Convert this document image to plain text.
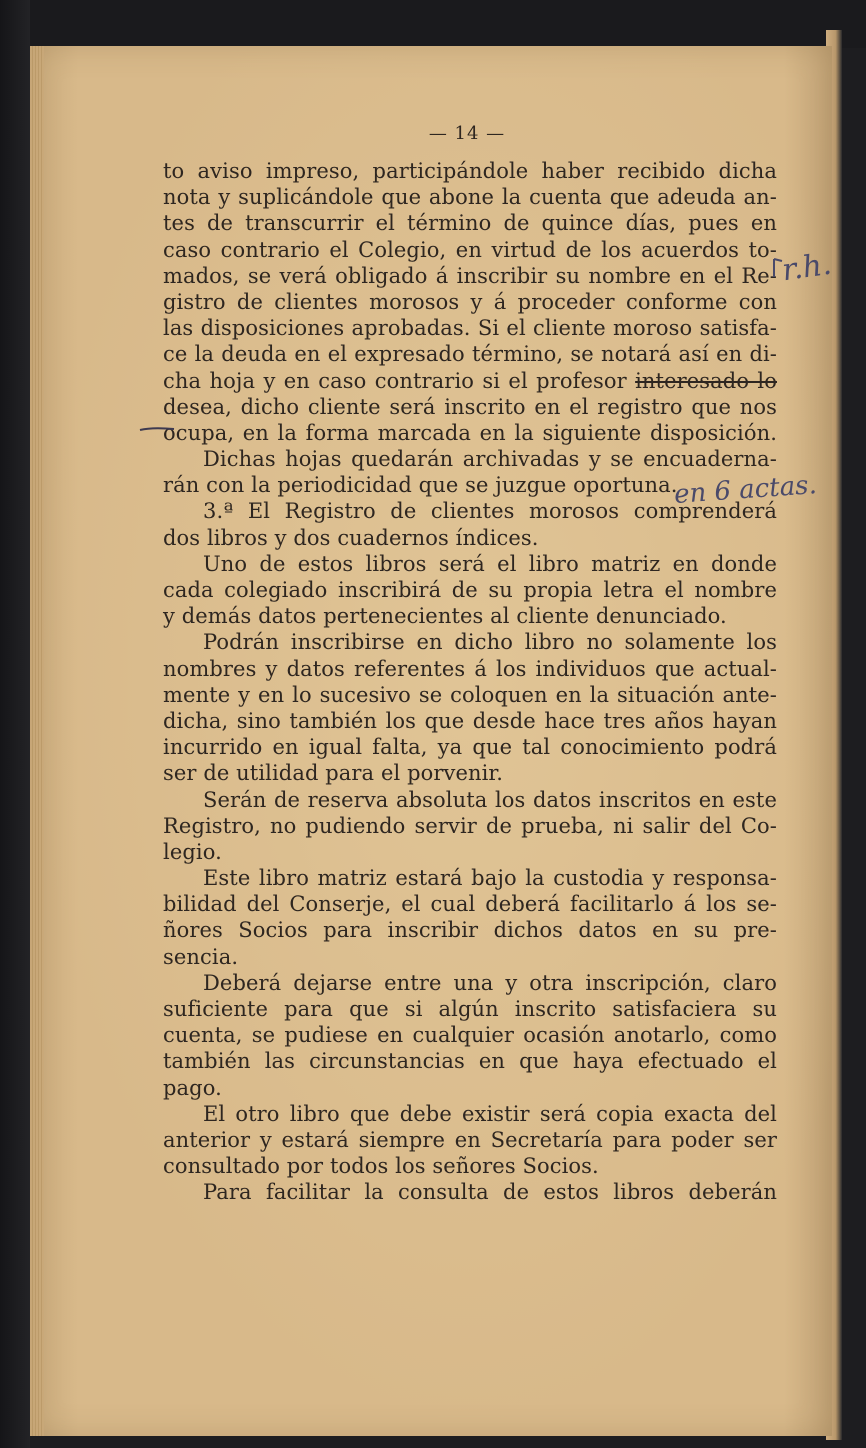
— 14 —
to aviso impreso, participándole haber recibido dicha
nota y suplicándole que abone la cuenta que adeuda an-
tes de transcurrir el término de quince días, pues en
caso contrario el Colegio, en virtud de los acuerdos to-
mados, se verá obligado á inscribir su nombre en el Re-
gistro de clientes morosos y á proceder conforme con
las disposiciones aprobadas. Si el cliente moroso satisfa-
ce la deuda en el expresado término, se notará así en di-
cha hoja y en caso contrario si el profesor interesado lo
desea, dicho cliente será inscrito en el registro que nos
ocupa, en la forma marcada en la siguiente disposición.
Dichas hojas quedarán archivadas y se encuaderna-
rán con la periodicidad que se juzgue oportuna.
3.ª El Registro de clientes morosos comprenderá
dos libros y dos cuadernos índices.
Uno de estos libros será el libro matriz en donde
cada colegiado inscribirá de su propia letra el nombre
y demás datos pertenecientes al cliente denunciado.
Podrán inscribirse en dicho libro no solamente los
nombres y datos referentes á los individuos que actual-
mente y en lo sucesivo se coloquen en la situación ante-
dicha, sino también los que desde hace tres años hayan
incurrido en igual falta, ya que tal conocimiento podrá
ser de utilidad para el porvenir.
Serán de reserva absoluta los datos inscritos en este
Registro, no pudiendo servir de prueba, ni salir del Co-
legio.
Este libro matriz estará bajo la custodia y responsa-
bilidad del Conserje, el cual deberá facilitarlo á los se-
ñores Socios para inscribir dichos datos en su pre-
sencia.
Deberá dejarse entre una y otra inscripción, claro
suficiente para que si algún inscrito satisfaciera su
cuenta, se pudiese en cualquier ocasión anotarlo, como
también las circunstancias en que haya efectuado el
pago.
El otro libro que debe existir será copia exacta del
anterior y estará siempre en Secretaría para poder ser
consultado por todos los señores Socios.
Para facilitar la consulta de estos libros deberán
r.h.
en 6 actas.
